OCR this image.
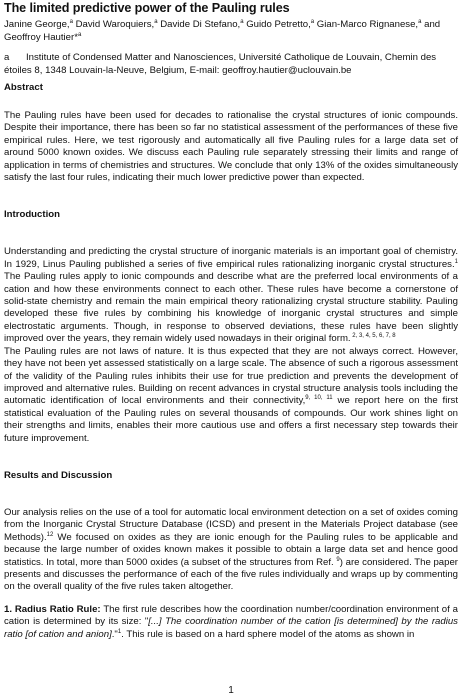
The limited predictive power of the Pauling rules
Janine George,$^a$ David Waroquiers,$^a$ Davide Di Stefano,$^a$ Guido Petretto,$^a$ Gian-Marco Rignanese,$^a$ and Geoffroy Hautier*$^a$
a Institute of Condensed Matter and Nanosciences, Université Catholique de Louvain, Chemin des étoiles 8, 1348 Louvain-la-Neuve, Belgium, E-mail: geoffroy.hautier@uclouvain.be
Abstract

The Pauling rules have been used for decades to rationalise the crystal structures of ionic compounds. Despite their importance, there has been so far no statistical assessment of the performances of these five empirical rules. Here, we test rigorously and automatically all five Pauling rules for a large data set of around 5000 known oxides. We discuss each Pauling rule separately stressing their limits and range of application in terms of chemistries and structures. We conclude that only 13% of the oxides simultaneously satisfy the last four rules, indicating their much lower predictive power than expected.

Introduction

Understanding and predicting the crystal structure of inorganic materials is an important goal of chemistry. In 1929, Linus Pauling published a series of five empirical rules rationalizing inorganic crystal structures.$^1$ The Pauling rules apply to ionic compounds and describe what are the preferred local environments of a cation and how these environments connect to each other. These rules have become a cornerstone of solid-state chemistry and remain the main empirical theory rationalizing crystal structure stability. Pauling developed these five rules by combining his knowledge of inorganic crystal structures and simple electrostatic arguments. Though, in response to observed deviations, these rules have been slightly improved over the years, they remain widely used nowadays in their original form. $^{2, 3, 4, 5, 6, 7, 8}$

The Pauling rules are not laws of nature. It is thus expected that they are not always correct. However, they have not been yet assessed statistically on a large scale. The absence of such a rigorous assessment of the validity of the Pauling rules inhibits their use for true prediction and prevents the development of improved and alternative rules. Building on recent advances in crystal structure analysis tools including the automatic identification of local environments and their connectivity,$^{9, 10, 11}$ we report here on the first statistical evaluation of the Pauling rules on several thousands of compounds. Our work shines light on their strengths and limits, enables their more cautious use and offers a first necessary step towards their future improvement.

Results and Discussion

Our analysis relies on the use of a tool for automatic local environment detection on a set of oxides coming from the Inorganic Crystal Structure Database (ICSD) and present in the Materials Project database (see Methods).$^{12}$ We focused on oxides as they are ionic enough for the Pauling rules to be applicable and because the large number of oxides known makes it possible to obtain a large data set and hence good statistics. In total, more than 5000 oxides (a subset of the structures from Ref. $^9$) are considered. The paper presents and discusses the performance of each of the five rules individually and wraps up by commenting on the overall quality of the five rules taken altogether.

1. Radius Ratio Rule: The first rule describes how the coordination number/coordination environment of a cation is determined by its size: "[...] The coordination number of the cation [is determined] by the radius ratio [of cation and anion]."$^1$. This rule is based on a hard sphere model of the atoms as shown in

1
